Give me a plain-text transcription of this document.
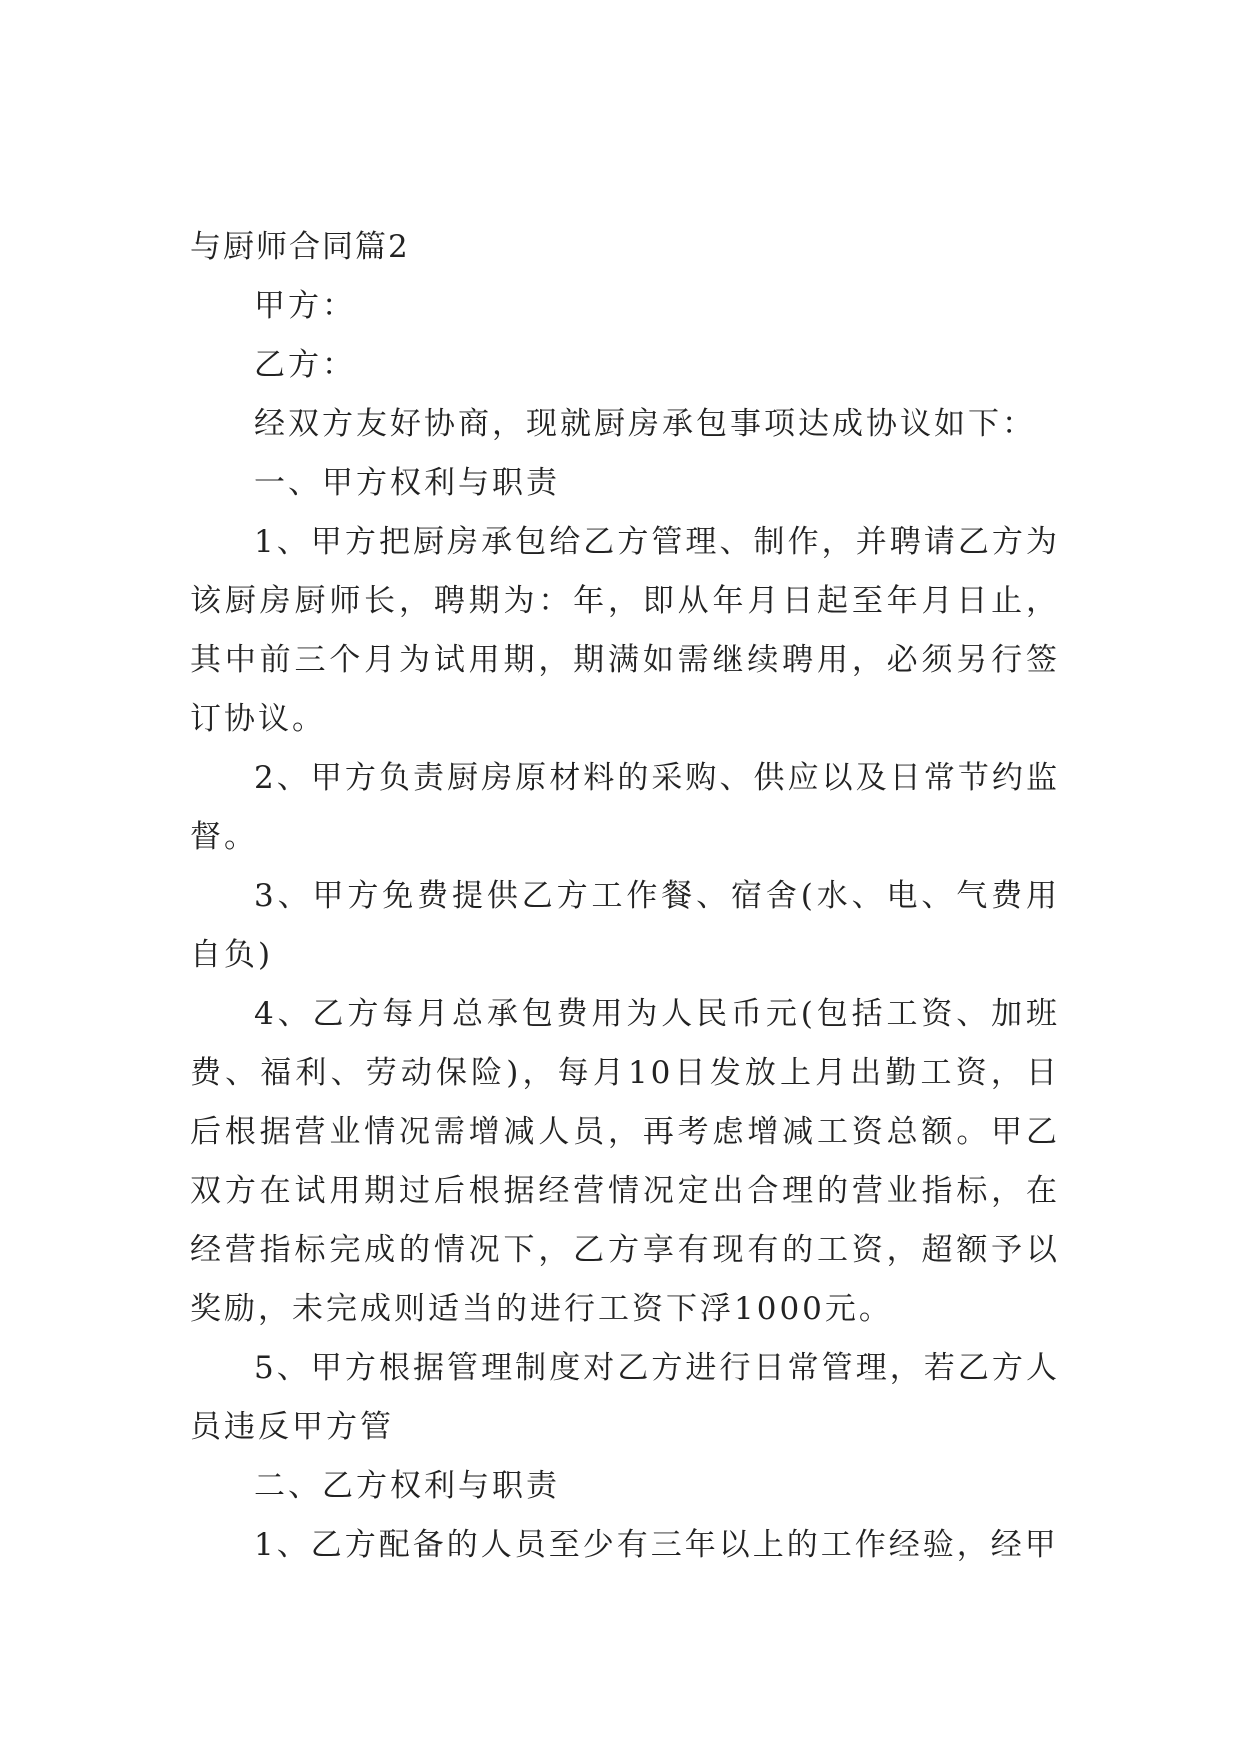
与厨师合同篇2

甲方：

乙方：

经双方友好协商，现就厨房承包事项达成协议如下：

一、甲方权利与职责

1、甲方把厨房承包给乙方管理、制作，并聘请乙方为该厨房厨师长，聘期为：年，即从年月日起至年月日止，其中前三个月为试用期，期满如需继续聘用，必须另行签订协议。

2、甲方负责厨房原材料的采购、供应以及日常节约监督。

3、甲方免费提供乙方工作餐、宿舍(水、电、气费用自负)

4、乙方每月总承包费用为人民币元(包括工资、加班费、福利、劳动保险)，每月10日发放上月出勤工资，日后根据营业情况需增减人员，再考虑增减工资总额。甲乙双方在试用期过后根据经营情况定出合理的营业指标，在经营指标完成的情况下，乙方享有现有的工资，超额予以奖励，未完成则适当的进行工资下浮1000元。

5、甲方根据管理制度对乙方进行日常管理，若乙方人员违反甲方管

二、乙方权利与职责

1、乙方配备的人员至少有三年以上的工作经验，经甲
